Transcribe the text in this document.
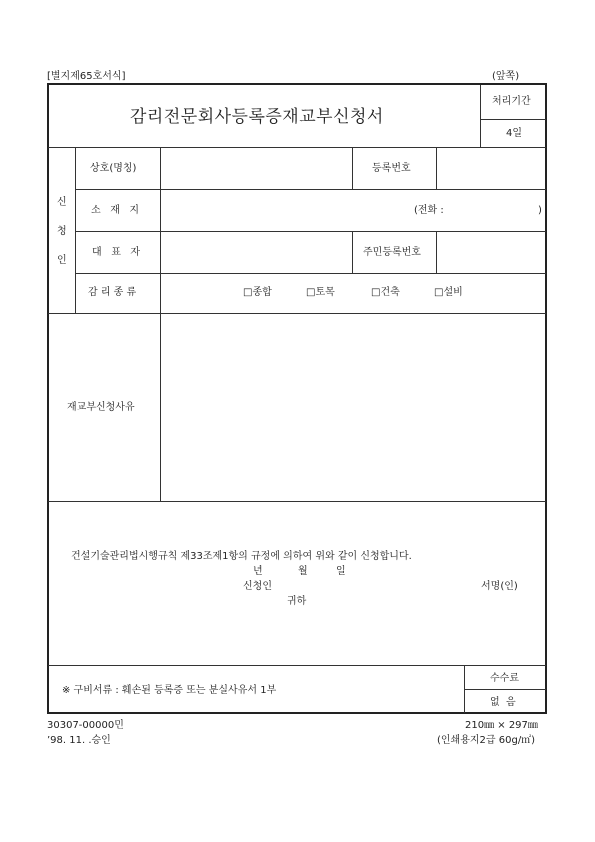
[별지제65호서식]	(앞쪽)
감리전문회사등록증재교부신청서
처리기간
4일
신
청
인
상호(명칭)	등록번호
소   재   지	(전화 :	)
대   표   자	주민등록번호
감 리 종 류	□종합	□토목	□건축	□설비
재교부신청사유
건설기술관리법시행규칙 제33조제1항의 규정에 의하여 위와 같이 신청합니다.
년	월	일
신청인	서명(인)
귀하
※ 구비서류 : 훼손된 등록증 또는 분실사유서 1부
수수료
없  음
30307-00000민
’98. 11. .승인
210㎜ × 297㎜
(인쇄용지2급 60g/㎡)
